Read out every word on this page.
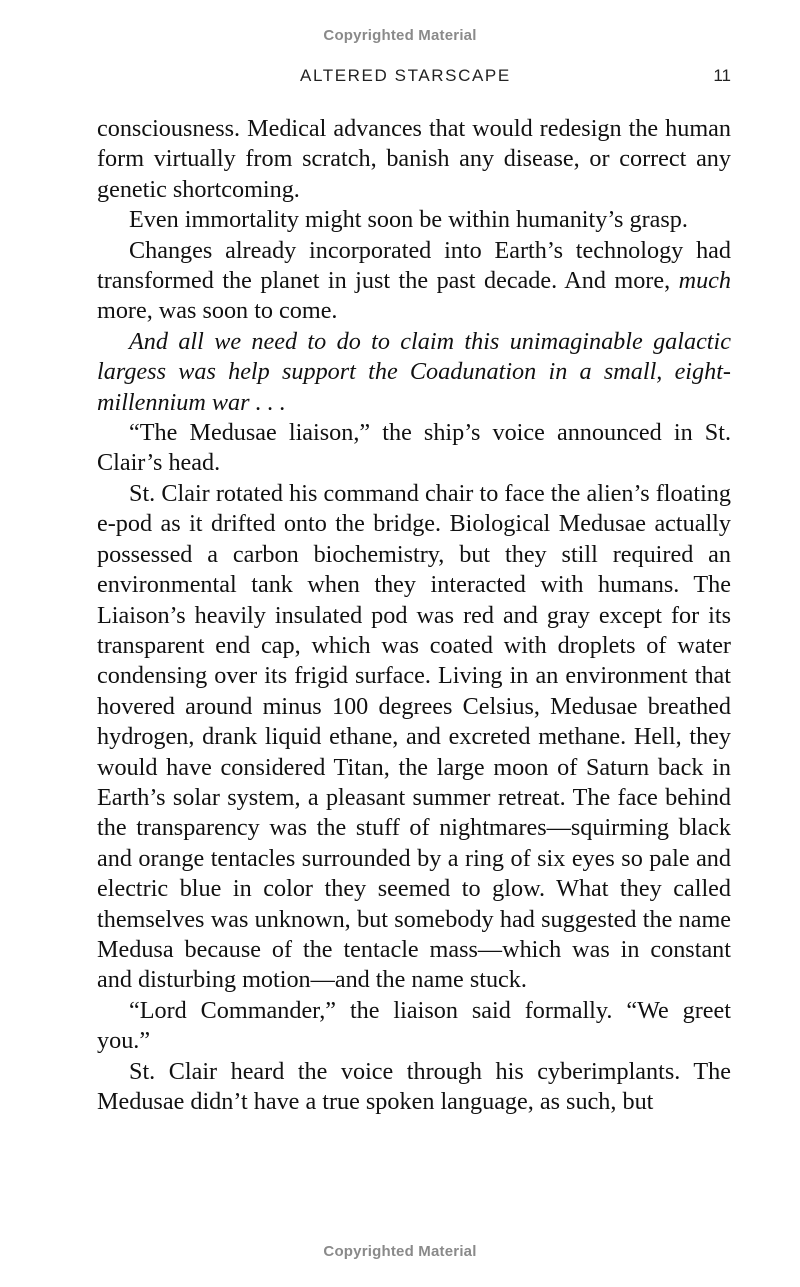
Copyrighted Material
ALTERED STARSCAPE	11

consciousness. Medical advances that would redesign the human form virtually from scratch, banish any disease, or correct any genetic shortcoming.

Even immortality might soon be within humanity’s grasp.

Changes already incorporated into Earth’s technology had transformed the planet in just the past decade. And more, much more, was soon to come.

And all we need to do to claim this unimaginable galactic largess was help support the Coadunation in a small, eight-millennium war . . .

“The Medusae liaison,” the ship’s voice announced in St. Clair’s head.

St. Clair rotated his command chair to face the alien’s floating e-pod as it drifted onto the bridge. Biological Medusae actually possessed a carbon biochemistry, but they still required an environmental tank when they interacted with humans. The Liaison’s heavily insulated pod was red and gray except for its transparent end cap, which was coated with droplets of water condensing over its frigid surface. Living in an environment that hovered around minus 100 degrees Celsius, Medusae breathed hydrogen, drank liquid ethane, and excreted methane. Hell, they would have considered Titan, the large moon of Saturn back in Earth’s solar system, a pleasant summer retreat. The face behind the transparency was the stuff of nightmares—squirming black and orange tentacles surrounded by a ring of six eyes so pale and electric blue in color they seemed to glow. What they called themselves was unknown, but somebody had suggested the name Medusa because of the tentacle mass—which was in constant and disturbing motion—and the name stuck.

“Lord Commander,” the liaison said formally. “We greet you.”

St. Clair heard the voice through his cyberimplants. The Medusae didn’t have a true spoken language, as such, but

Copyrighted Material
